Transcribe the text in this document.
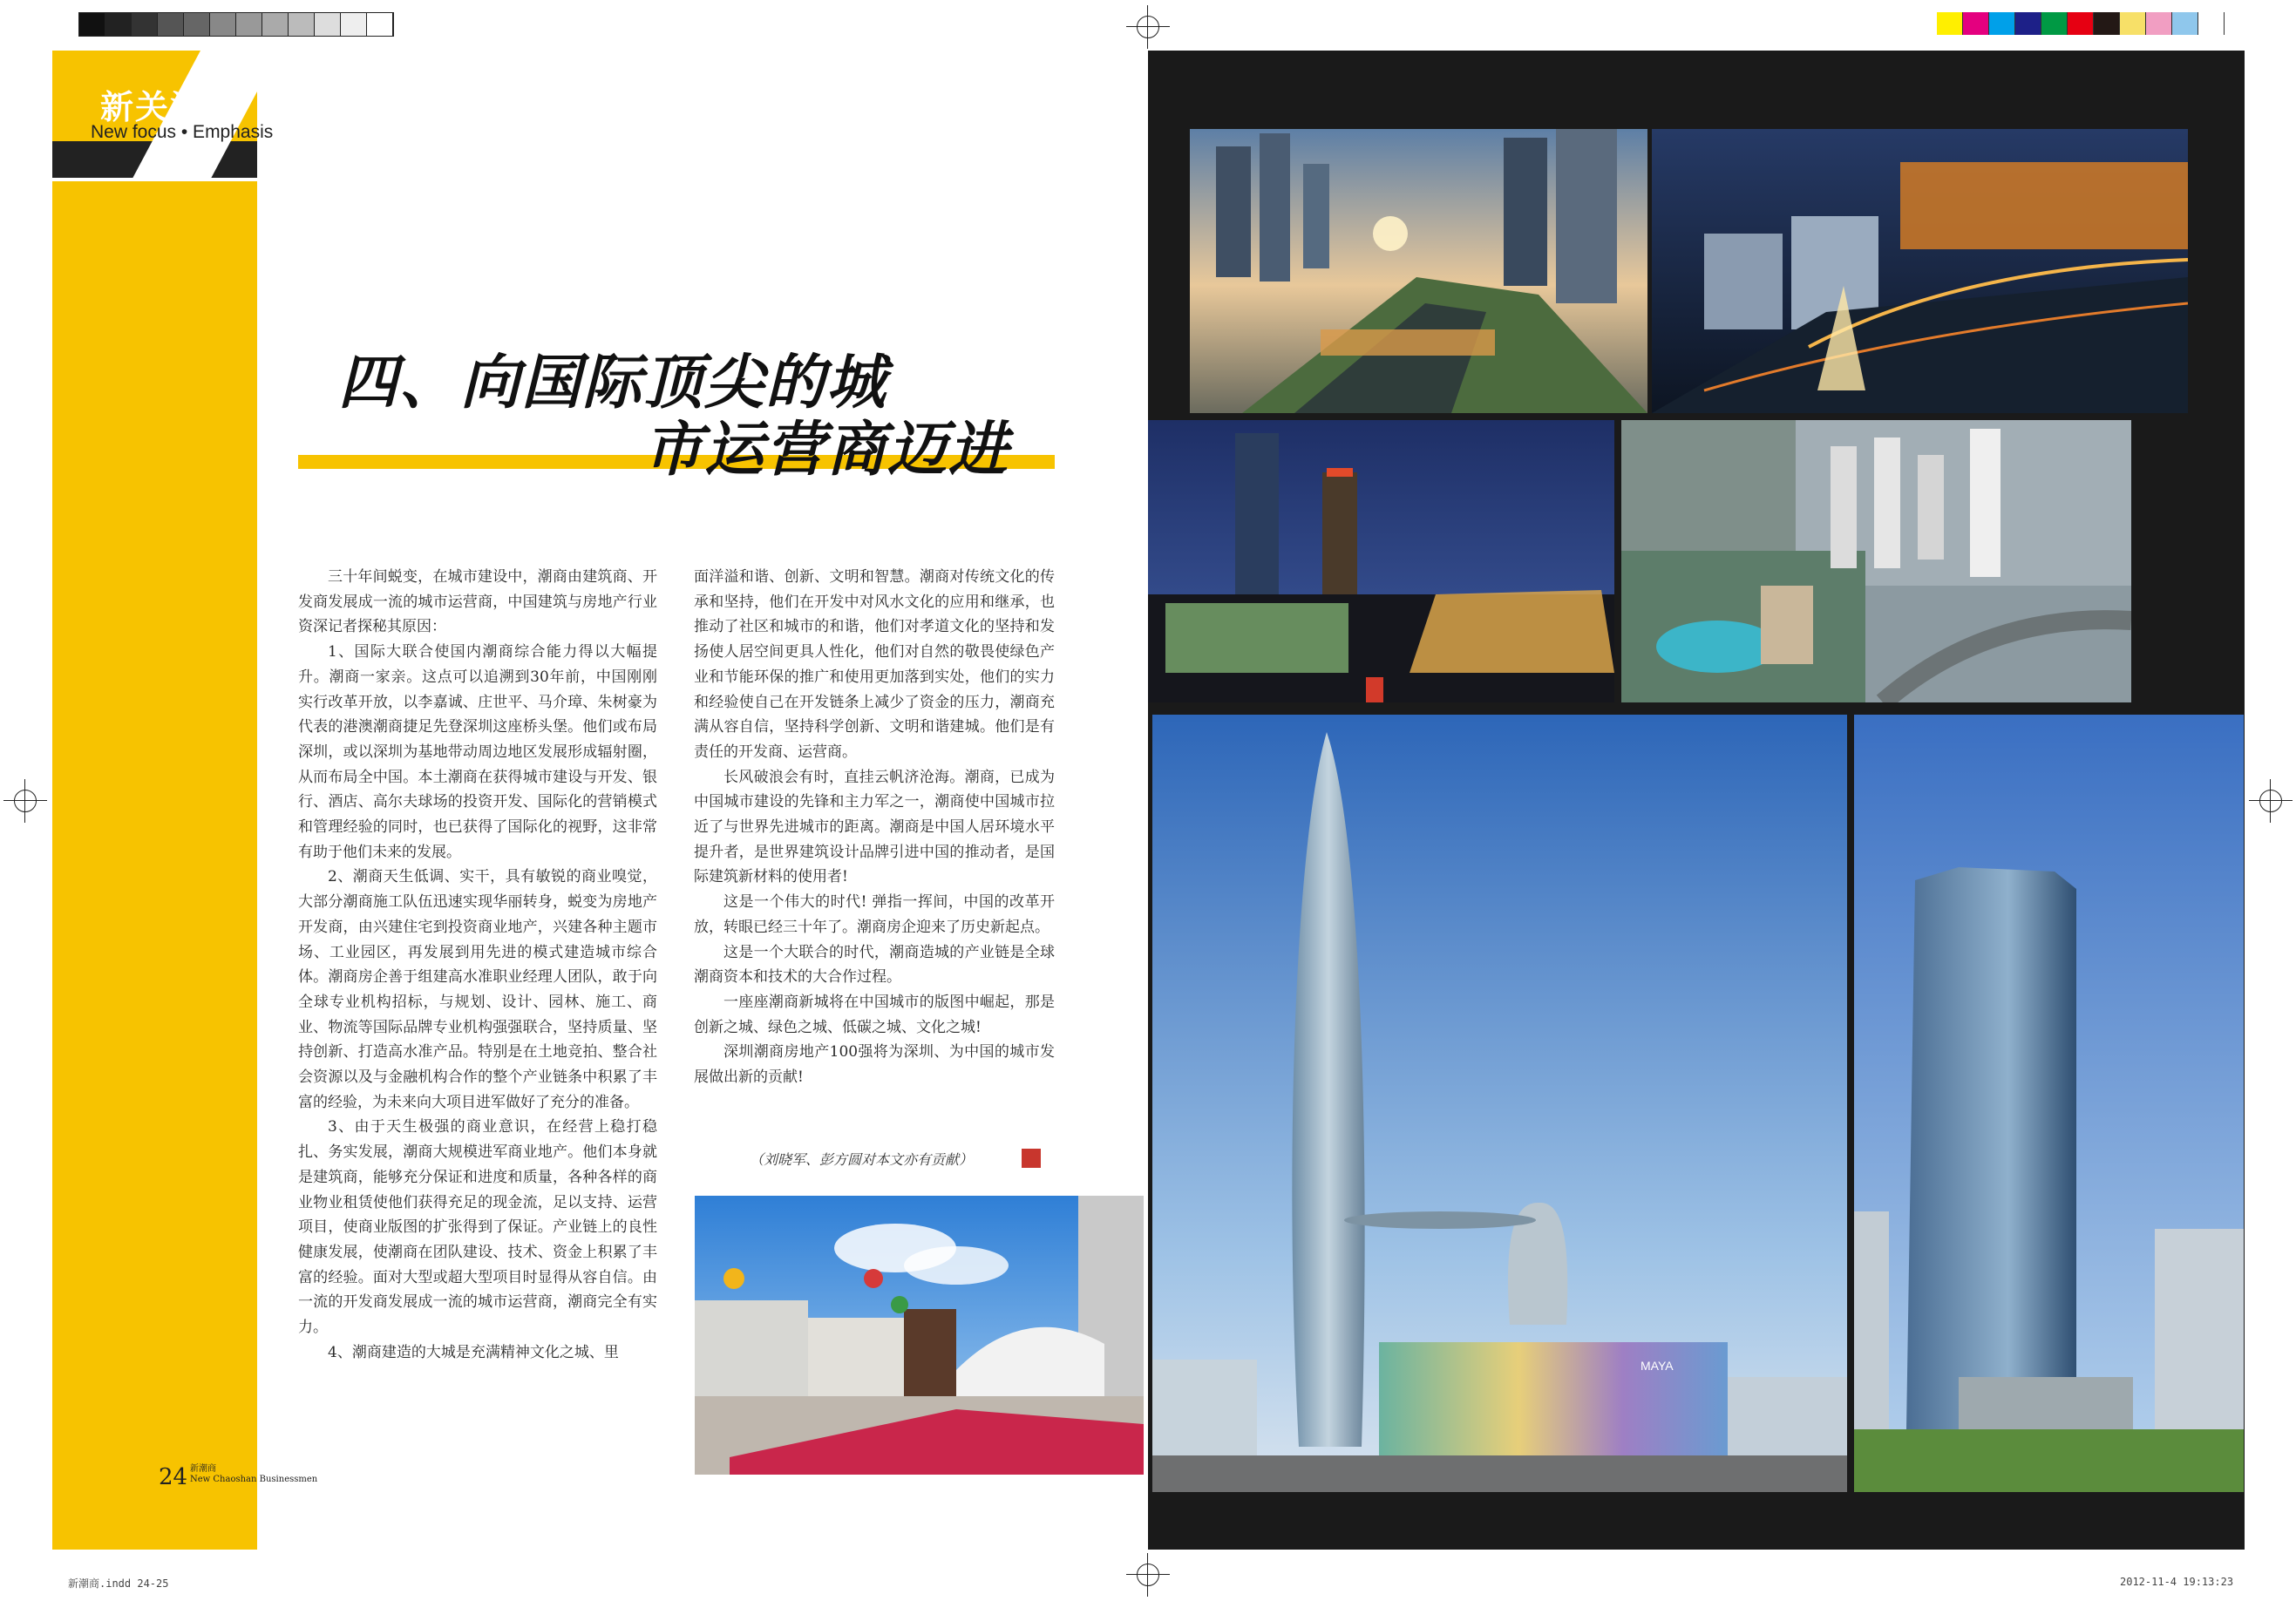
新关注
New focus • Emphasis
四、向国际顶尖的城
市运营商迈进

三十年间蜕变，在城市建设中，潮商由建筑商、开发商发展成一流的城市运营商，中国建筑与房地产行业资深记者探秘其原因：

1、国际大联合使国内潮商综合能力得以大幅提升。潮商一家亲。这点可以追溯到30年前，中国刚刚实行改革开放，以李嘉诚、庄世平、马介璋、朱树豪为代表的港澳潮商捷足先登深圳这座桥头堡。他们或布局深圳，或以深圳为基地带动周边地区发展形成辐射圈，从而布局全中国。本土潮商在获得城市建设与开发、银行、酒店、高尔夫球场的投资开发、国际化的营销模式和管理经验的同时，也已获得了国际化的视野，这非常有助于他们未来的发展。

2、潮商天生低调、实干，具有敏锐的商业嗅觉，大部分潮商施工队伍迅速实现华丽转身，蜕变为房地产开发商，由兴建住宅到投资商业地产，兴建各种主题市场、工业园区，再发展到用先进的模式建造城市综合体。潮商房企善于组建高水准职业经理人团队，敢于向全球专业机构招标，与规划、设计、园林、施工、商业、物流等国际品牌专业机构强强联合，坚持质量、坚持创新、打造高水准产品。特别是在土地竞拍、整合社会资源以及与金融机构合作的整个产业链条中积累了丰富的经验，为未来向大项目进军做好了充分的准备。

3、由于天生极强的商业意识，在经营上稳打稳扎、务实发展，潮商大规模进军商业地产。他们本身就是建筑商，能够充分保证和进度和质量，各种各样的商业物业租赁使他们获得充足的现金流，足以支持、运营项目，使商业版图的扩张得到了保证。产业链上的良性健康发展，使潮商在团队建设、技术、资金上积累了丰富的经验。面对大型或超大型项目时显得从容自信。由一流的开发商发展成一流的城市运营商，潮商完全有实力。

4、潮商建造的大城是充满精神文化之城、里

面洋溢和谐、创新、文明和智慧。潮商对传统文化的传承和坚持，他们在开发中对风水文化的应用和继承，也推动了社区和城市的和谐，他们对孝道文化的坚持和发扬使人居空间更具人性化，他们对自然的敬畏使绿色产业和节能环保的推广和使用更加落到实处，他们的实力和经验使自己在开发链条上减少了资金的压力，潮商充满从容自信，坚持科学创新、文明和谐建城。他们是有责任的开发商、运营商。

长风破浪会有时，直挂云帆济沧海。潮商，已成为中国城市建设的先锋和主力军之一，潮商使中国城市拉近了与世界先进城市的距离。潮商是中国人居环境水平提升者，是世界建筑设计品牌引进中国的推动者，是国际建筑新材料的使用者!

这是一个伟大的时代! 弹指一挥间，中国的改革开放，转眼已经三十年了。潮商房企迎来了历史新起点。

这是一个大联合的时代，潮商造城的产业链是全球潮商资本和技术的大合作过程。

一座座潮商新城将在中国城市的版图中崛起，那是创新之城、绿色之城、低碳之城、文化之城!

深圳潮商房地产100强将为深圳、为中国的城市发展做出新的贡献!

（刘晓军、彭方圆对本文亦有贡献）
24 新潮商
New Chaoshan Businessmen
新潮商.indd 24-25	2012-11-4 19:13:23
MAYA
